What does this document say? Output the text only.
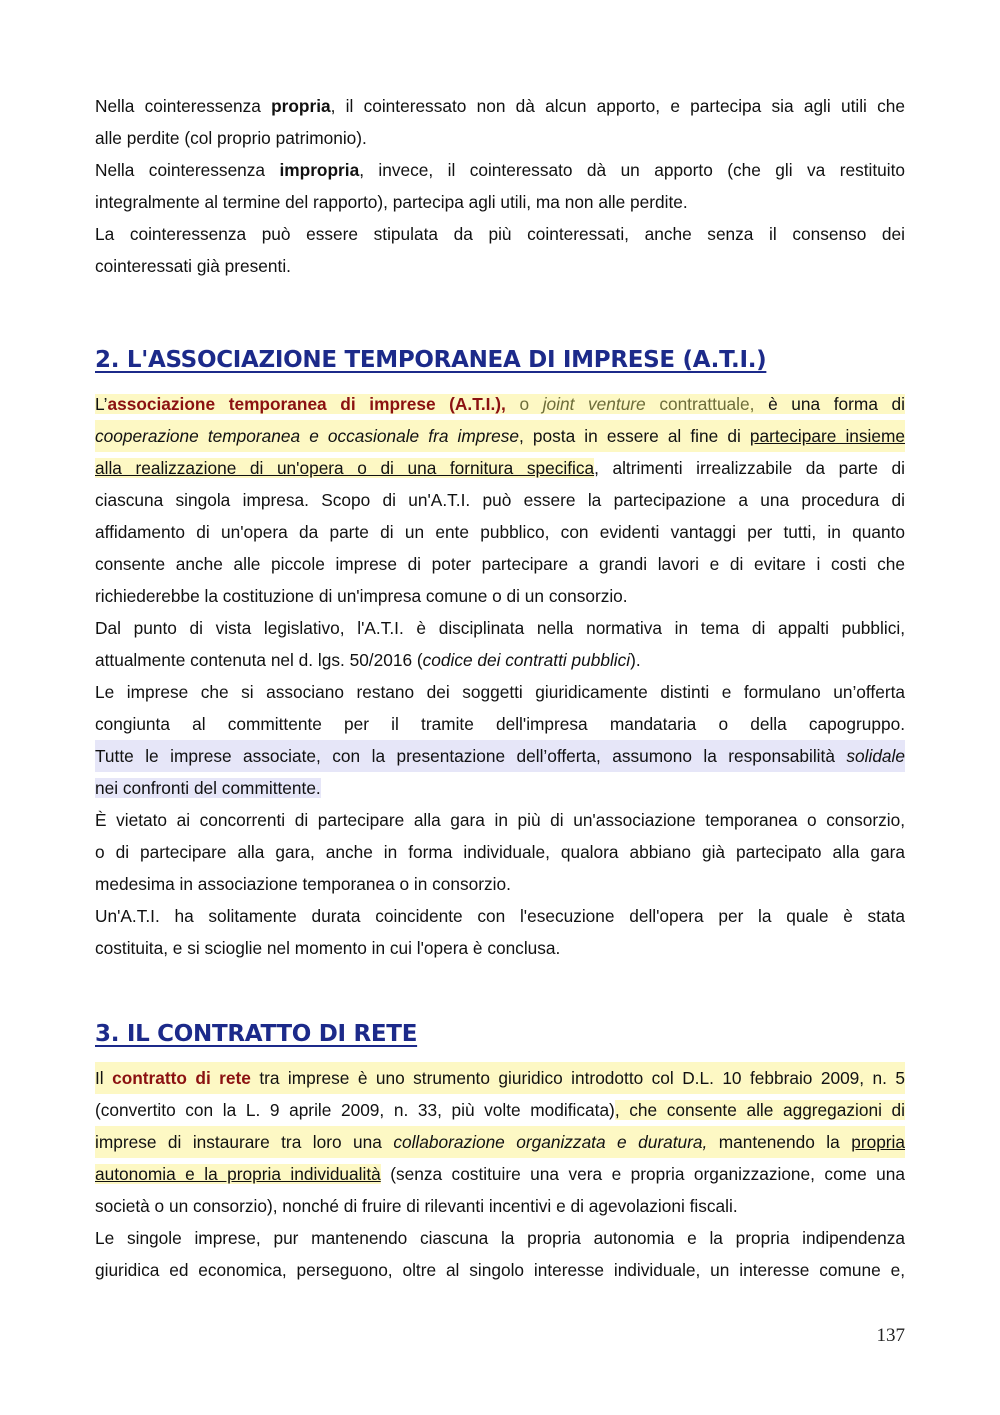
Nella cointeressenza propria, il cointeressato non dà alcun apporto, e partecipa sia agli utili che
alle perdite (col proprio patrimonio).
Nella cointeressenza impropria, invece, il cointeressato dà un apporto (che gli va restituito
integralmente al termine del rapporto), partecipa agli utili, ma non alle perdite.
La cointeressenza può essere stipulata da più cointeressati, anche senza il consenso dei
cointeressati già presenti.
2. L'ASSOCIAZIONE TEMPORANEA DI IMPRESE (A.T.I.)
L’associazione temporanea di imprese (A.T.I.), o joint venture contrattuale, è una forma di
cooperazione temporanea e occasionale fra imprese, posta in essere al fine di partecipare insieme
alla realizzazione di un'opera o di una fornitura specifica, altrimenti irrealizzabile da parte di
ciascuna singola impresa. Scopo di un'A.T.I. può essere la partecipazione a una procedura di
affidamento di un'opera da parte di un ente pubblico, con evidenti vantaggi per tutti, in quanto
consente anche alle piccole imprese di poter partecipare a grandi lavori e di evitare i costi che
richiederebbe la costituzione di un'impresa comune o di un consorzio.
Dal punto di vista legislativo, l'A.T.I. è disciplinata nella normativa in tema di appalti pubblici,
attualmente contenuta nel d. lgs. 50/2016 (codice dei contratti pubblici).
Le imprese che si associano restano dei soggetti giuridicamente distinti e formulano un’offerta
congiunta al committente per il tramite dell'impresa mandataria o della capogruppo.
Tutte le imprese associate, con la presentazione dell’offerta, assumono la responsabilità solidale
nei confronti del committente.
È vietato ai concorrenti di partecipare alla gara in più di un'associazione temporanea o consorzio,
o di partecipare alla gara, anche in forma individuale, qualora abbiano già partecipato alla gara
medesima in associazione temporanea o in consorzio.
Un'A.T.I. ha solitamente durata coincidente con l'esecuzione dell'opera per la quale è stata
costituita, e si scioglie nel momento in cui l'opera è conclusa.
3. IL CONTRATTO DI RETE
Il contratto di rete tra imprese è uno strumento giuridico introdotto col D.L. 10 febbraio 2009, n. 5
(convertito con la L. 9 aprile 2009, n. 33, più volte modificata), che consente alle aggregazioni di
imprese di instaurare tra loro una collaborazione organizzata e duratura, mantenendo la propria
autonomia e la propria individualità (senza costituire una vera e propria organizzazione, come una
società o un consorzio), nonché di fruire di rilevanti incentivi e di agevolazioni fiscali.
Le singole imprese, pur mantenendo ciascuna la propria autonomia e la propria indipendenza
giuridica ed economica, perseguono, oltre al singolo interesse individuale, un interesse comune e,
137
